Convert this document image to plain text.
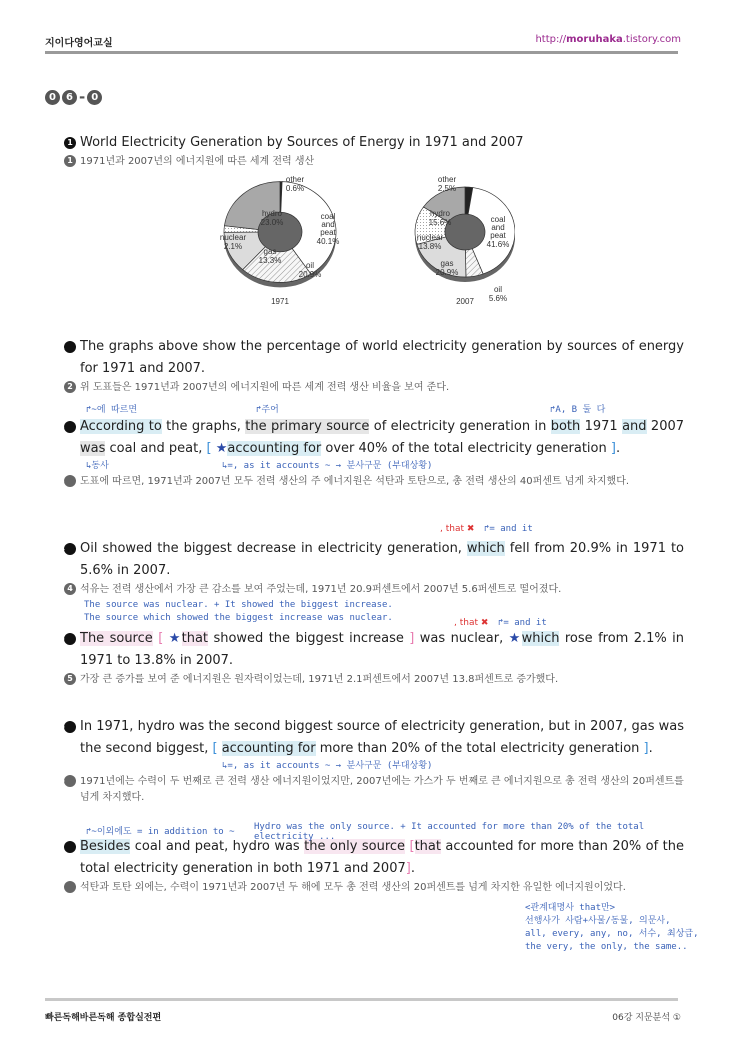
지이다영어교실	http://moruhaka.tistory.com
0 6 - 0
1 World Electricity Generation by Sources of Energy in 1971 and 2007
1 1971년과 2007년의 에너지원에 따른 세계 전력 생산
other
0.6%
hydro
23.0%
coal
and
peat
40.1%
nuclear
2.1%
gas
13.3%
oil
20.9%
1971
other
2.5%
hydro
15.6%	coal
and
peat
41.6%
nuclear
13.8%
gas
20.9%
oil
5.6%
2007
2 The graphs above show the percentage of world electricity generation by sources of energy for 1971 and 2007.
2 위 도표들은 1971년과 2007년의 에너지원에 따른 세계 전력 생산 비율을 보여 준다.
↱~에 따르면	↱주어	↱A, B 둘 다
3 According to the graphs, the primary source of electricity generation in both 1971 and 2007 was coal and peat, [ ★accounting for over 40% of the total electricity generation ].
↳동사	↳=, as it accounts ~ → 분사구문 (부대상황)
3 도표에 따르면, 1971년과 2007년 모두 전력 생산의 주 에너지원은 석탄과 토탄으로, 총 전력 생산의 40퍼센트 넘게 차지했다.
, that ✖ ↱= and it
4 Oil showed the biggest decrease in electricity generation, which fell from 20.9% in 1971 to 5.6% in 2007.
4 석유는 전력 생산에서 가장 큰 감소를 보여 주었는데, 1971년 20.9퍼센트에서 2007년 5.6퍼센트로 떨어졌다.
The source was nuclear. + It showed the biggest increase.
The source which showed the biggest increase was nuclear.	, that ✖ ↱= and it
5 The source [ ★that showed the biggest increase ] was nuclear, ★which rose from 2.1% in 1971 to 13.8% in 2007.
5 가장 큰 증가를 보여 준 에너지원은 원자력이었는데, 1971년 2.1퍼센트에서 2007년 13.8퍼센트로 증가했다.
6 In 1971, hydro was the second biggest source of electricity generation, but in 2007, gas was the second biggest, [ accounting for more than 20% of the total electricity generation ].
↳=, as it accounts ~ → 분사구문 (부대상황)
6 1971년에는 수력이 두 번째로 큰 전력 생산 에너지원이었지만, 2007년에는 가스가 두 번째로 큰 에너지원으로 총 전력 생산의 20퍼센트를 넘게 차지했다.
↱~이외에도 = in addition to ~ Hydro was the only source. + It accounted for more than 20% of the total electricity ...
7 Besides coal and peat, hydro was the only source [that accounted for more than 20% of the total electricity generation in both 1971 and 2007].
7 석탄과 토탄 외에는, 수력이 1971년과 2007년 두 해에 모두 총 전력 생산의 20퍼센트를 넘게 차지한 유일한 에너지원이었다.
<관계대명사 that만>
선행사가 사람+사물/동물, 의문사,
all, every, any, no, 서수, 최상급,
the very, the only, the same..
빠른독해바른독해 종합실전편	06강 지문분석 ①
